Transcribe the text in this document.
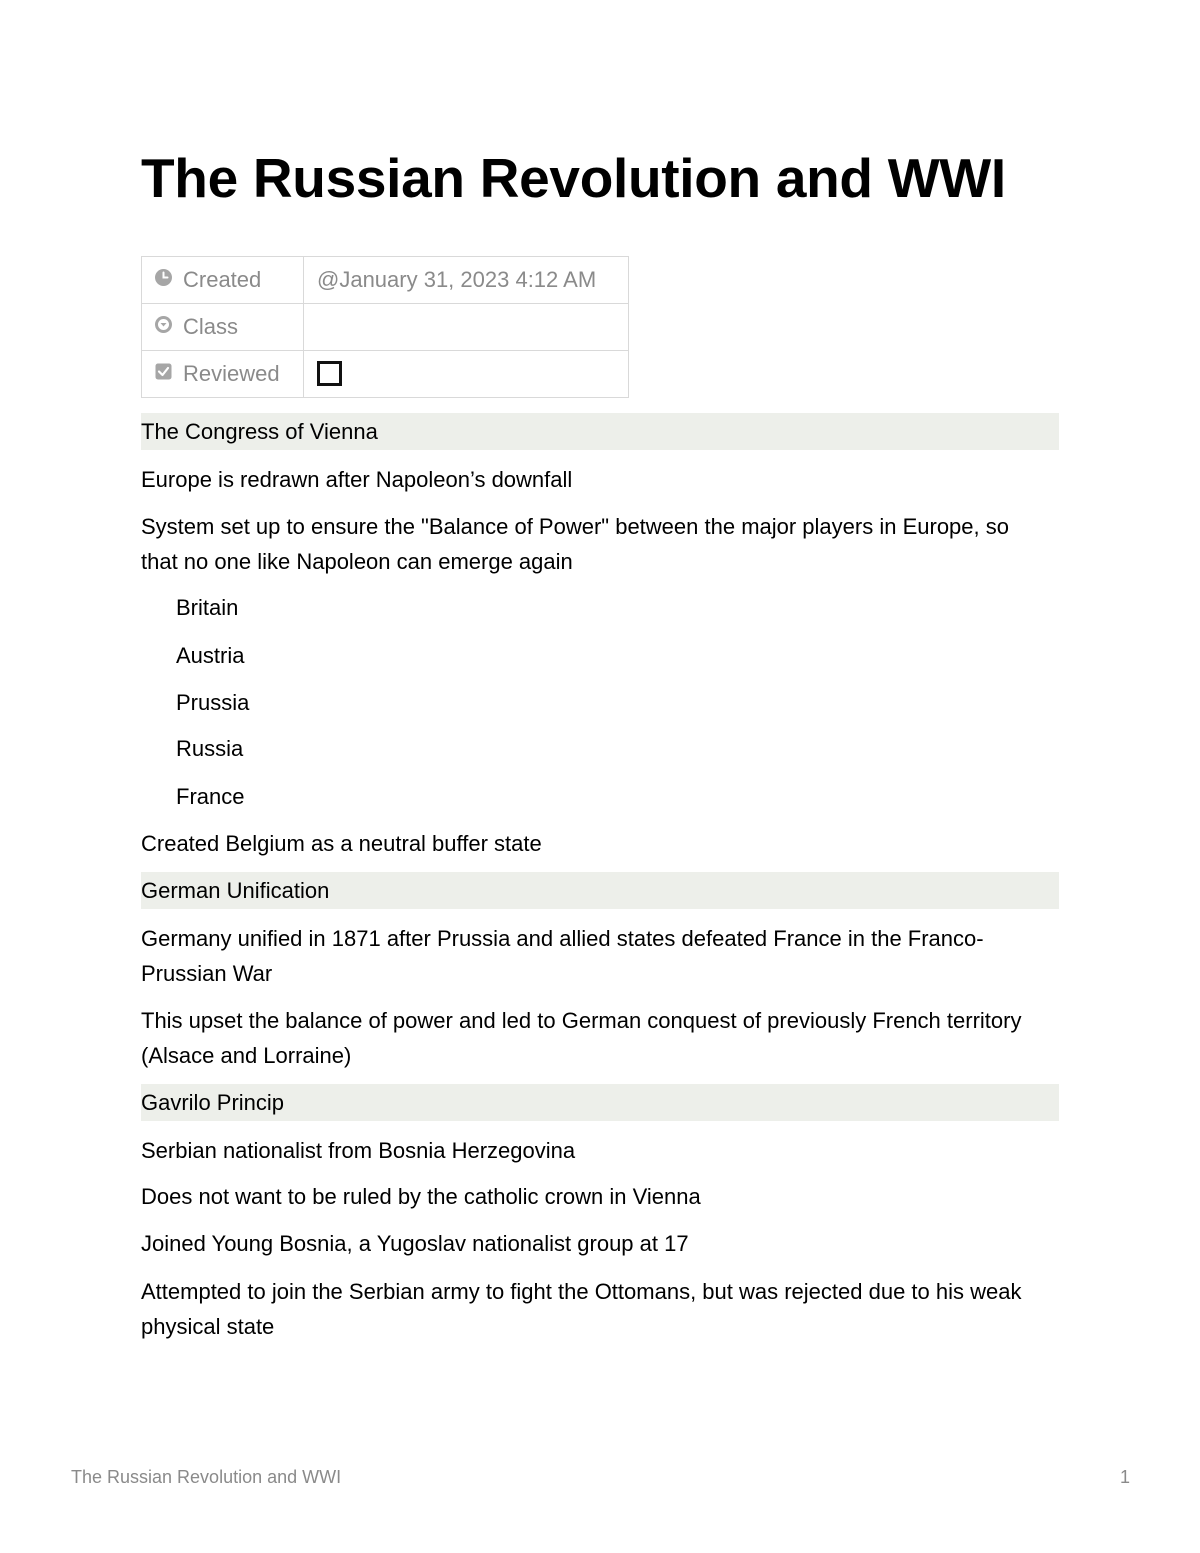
The Russian Revolution and WWI
Created	@January 31, 2023 4:12 AM
Class	
Reviewed	
The Congress of Vienna

Europe is redrawn after Napoleon’s downfall

System set up to ensure the "Balance of Power" between the major players in Europe, so that no one like Napoleon can emerge again

Britain

Austria

Prussia

Russia

France

Created Belgium as a neutral buffer state

German Unification

Germany unified in 1871 after Prussia and allied states defeated France in the Franco-Prussian War

This upset the balance of power and led to German conquest of previously French territory (Alsace and Lorraine)

Gavrilo Princip

Serbian nationalist from Bosnia Herzegovina

Does not want to be ruled by the catholic crown in Vienna

Joined Young Bosnia, a Yugoslav nationalist group at 17

Attempted to join the Serbian army to fight the Ottomans, but was rejected due to his weak physical state

The Russian Revolution and WWI	1
